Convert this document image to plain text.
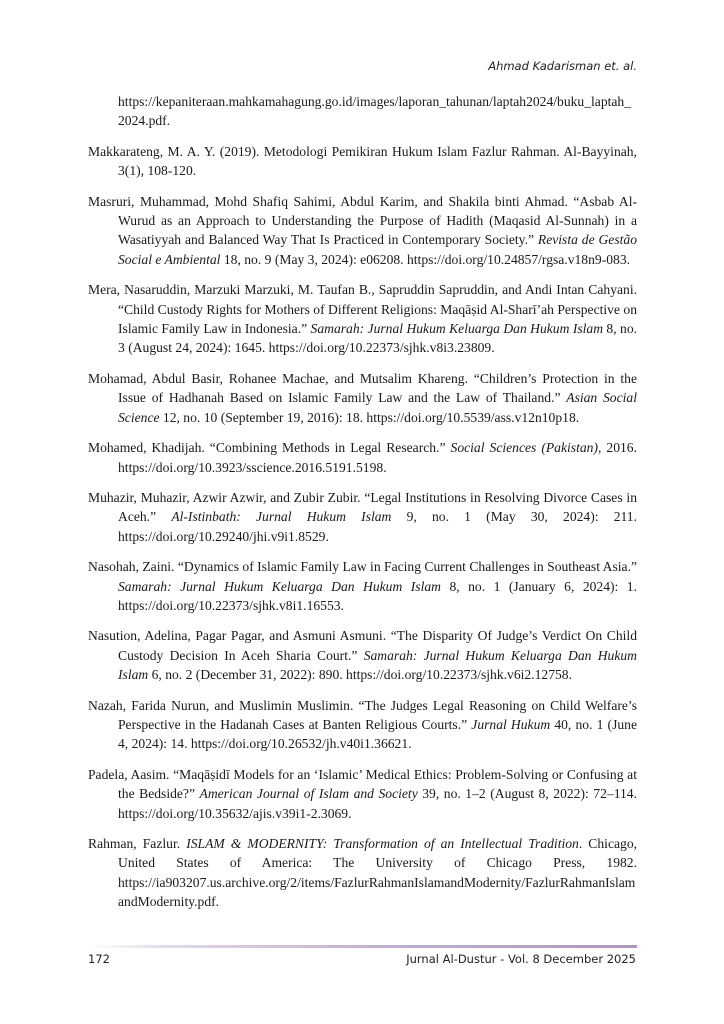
Ahmad Kadarisman et. al.

https://kepaniteraan.mahkamahagung.go.id/images/laporan_tahunan/laptah2024/buku_laptah_2024.pdf.

Makkarateng, M. A. Y. (2019). Metodologi Pemikiran Hukum Islam Fazlur Rahman. Al-Bayyinah, 3(1), 108-120.

Masruri, Muhammad, Mohd Shafiq Sahimi, Abdul Karim, and Shakila binti Ahmad. “Asbab Al-Wurud as an Approach to Understanding the Purpose of Hadith (Maqasid Al-Sunnah) in a Wasatiyyah and Balanced Way That Is Practiced in Contemporary Society.” Revista de Gestão Social e Ambiental 18, no. 9 (May 3, 2024): e06208. https://doi.org/10.24857/rgsa.v18n9-083.

Mera, Nasaruddin, Marzuki Marzuki, M. Taufan B., Sapruddin Sapruddin, and Andi Intan Cahyani. “Child Custody Rights for Mothers of Different Religions: Maqāṣid Al-Sharī’ah Perspective on Islamic Family Law in Indonesia.” Samarah: Jurnal Hukum Keluarga Dan Hukum Islam 8, no. 3 (August 24, 2024): 1645. https://doi.org/10.22373/sjhk.v8i3.23809.

Mohamad, Abdul Basir, Rohanee Machae, and Mutsalim Khareng. “Children’s Protection in the Issue of Hadhanah Based on Islamic Family Law and the Law of Thailand.” Asian Social Science 12, no. 10 (September 19, 2016): 18. https://doi.org/10.5539/ass.v12n10p18.

Mohamed, Khadijah. “Combining Methods in Legal Research.” Social Sciences (Pakistan), 2016. https://doi.org/10.3923/sscience.2016.5191.5198.

Muhazir, Muhazir, Azwir Azwir, and Zubir Zubir. “Legal Institutions in Resolving Divorce Cases in Aceh.” Al-Istinbath: Jurnal Hukum Islam 9, no. 1 (May 30, 2024): 211. https://doi.org/10.29240/jhi.v9i1.8529.

Nasohah, Zaini. “Dynamics of Islamic Family Law in Facing Current Challenges in Southeast Asia.” Samarah: Jurnal Hukum Keluarga Dan Hukum Islam 8, no. 1 (January 6, 2024): 1. https://doi.org/10.22373/sjhk.v8i1.16553.

Nasution, Adelina, Pagar Pagar, and Asmuni Asmuni. “The Disparity Of Judge’s Verdict On Child Custody Decision In Aceh Sharia Court.” Samarah: Jurnal Hukum Keluarga Dan Hukum Islam 6, no. 2 (December 31, 2022): 890. https://doi.org/10.22373/sjhk.v6i2.12758.

Nazah, Farida Nurun, and Muslimin Muslimin. “The Judges Legal Reasoning on Child Welfare’s Perspective in the Hadanah Cases at Banten Religious Courts.” Jurnal Hukum 40, no. 1 (June 4, 2024): 14. https://doi.org/10.26532/jh.v40i1.36621.

Padela, Aasim. “Maqāṣidī Models for an ‘Islamic’ Medical Ethics: Problem-Solving or Confusing at the Bedside?” American Journal of Islam and Society 39, no. 1–2 (August 8, 2022): 72–114. https://doi.org/10.35632/ajis.v39i1-2.3069.

Rahman, Fazlur. ISLAM & MODERNITY: Transformation of an Intellectual Tradition. Chicago, United States of America: The University of Chicago Press, 1982. https://ia903207.us.archive.org/2/items/FazlurRahmanIslamandModernity/FazlurRahmanIslamandModernity.pdf.

172	Jurnal Al-Dustur - Vol. 8 December 2025
